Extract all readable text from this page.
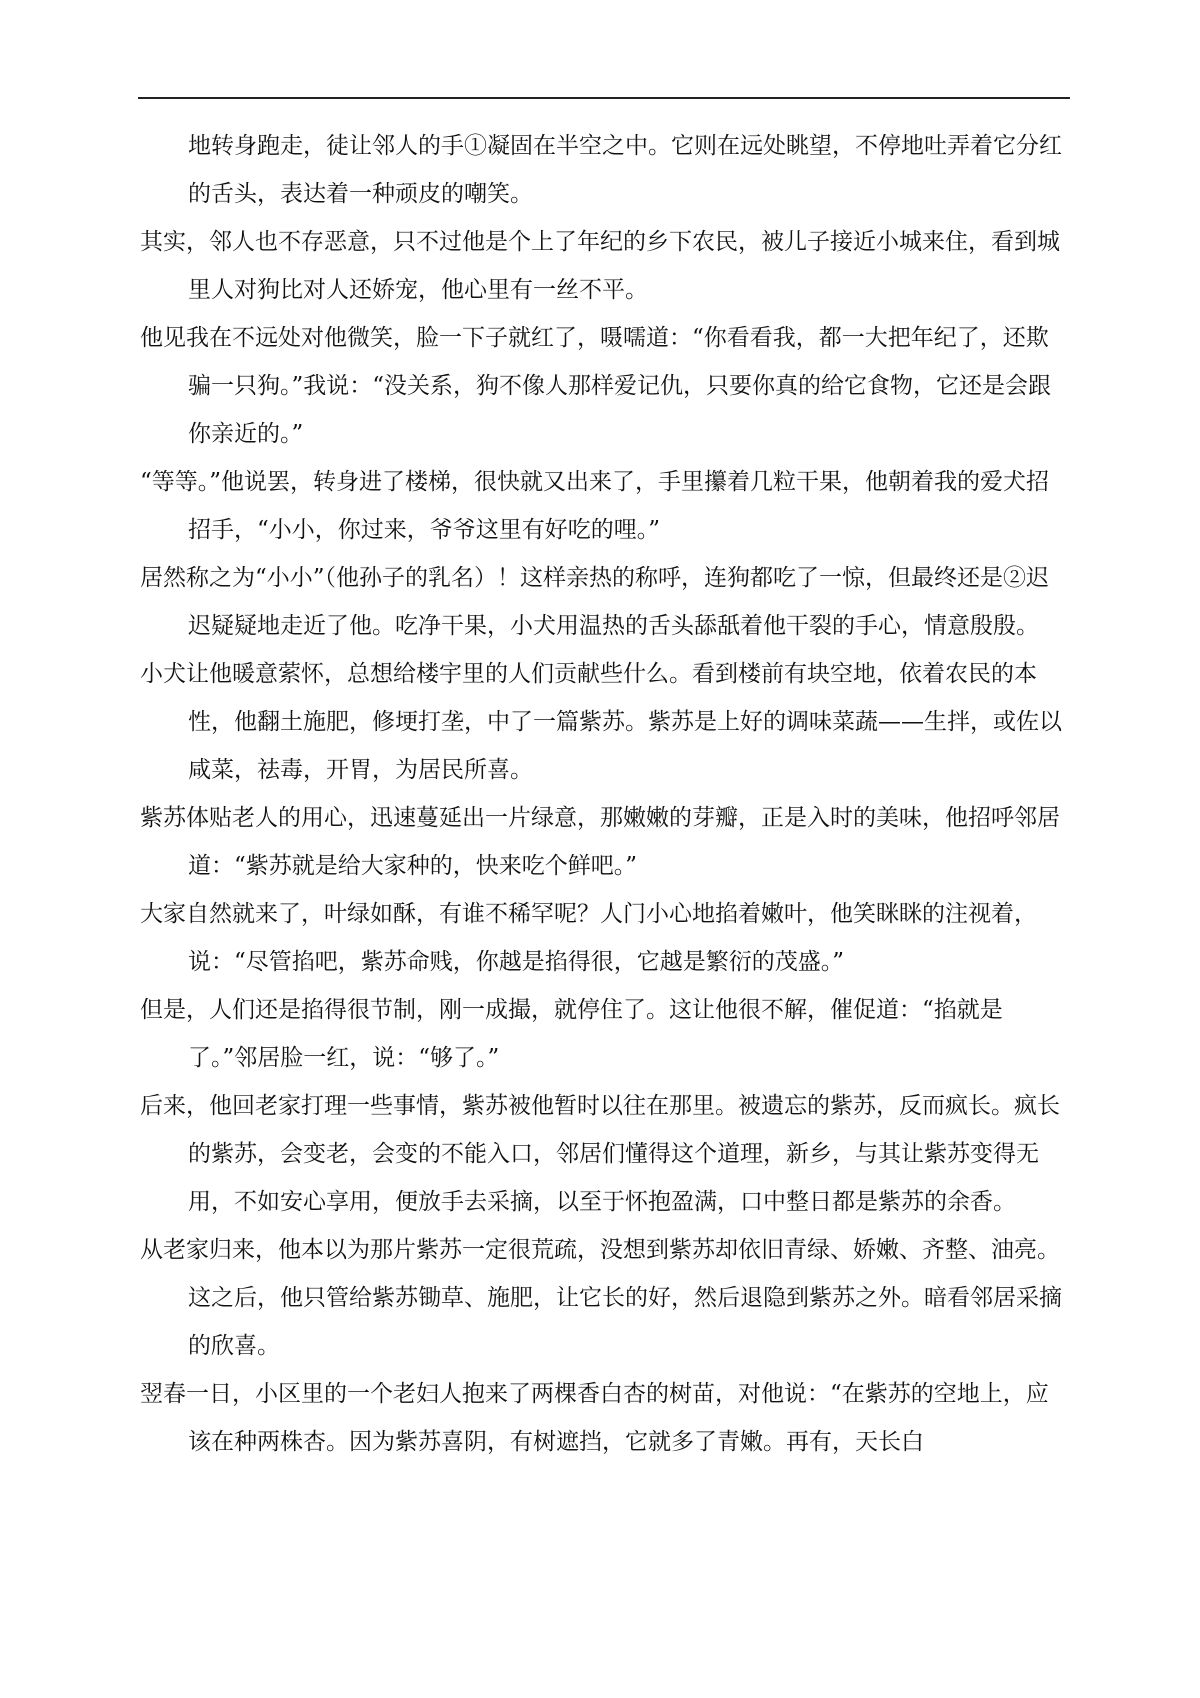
地转身跑走，徒让邻人的手①凝固在半空之中。它则在远处眺望，不停地吐弄着它分红的舌头，表达着一种顽皮的嘲笑。

其实，邻人也不存恶意，只不过他是个上了年纪的乡下农民，被儿子接近小城来住，看到城里人对狗比对人还娇宠，他心里有一丝不平。

他见我在不远处对他微笑，脸一下子就红了，嗫嚅道：“你看看我，都一大把年纪了，还欺骗一只狗。”我说：“没关系，狗不像人那样爱记仇，只要你真的给它食物，它还是会跟你亲近的。”

“等等。”他说罢，转身进了楼梯，很快就又出来了，手里攥着几粒干果，他朝着我的爱犬招招手，“小小，你过来，爷爷这里有好吃的哩。”

居然称之为“小小”（他孙子的乳名）！这样亲热的称呼，连狗都吃了一惊，但最终还是②迟迟疑疑地走近了他。吃净干果，小犬用温热的舌头舔舐着他干裂的手心，情意殷殷。

小犬让他暖意萦怀，总想给楼宇里的人们贡献些什么。看到楼前有块空地，依着农民的本性，他翻土施肥，修埂打垄，中了一篇紫苏。紫苏是上好的调味菜蔬——生拌，或佐以咸菜，祛毒，开胃，为居民所喜。

紫苏体贴老人的用心，迅速蔓延出一片绿意，那嫩嫩的芽瓣，正是入时的美味，他招呼邻居道：“紫苏就是给大家种的，快来吃个鲜吧。”

大家自然就来了，叶绿如酥，有谁不稀罕呢？人门小心地掐着嫩叶，他笑眯眯的注视着，说：“尽管掐吧，紫苏命贱，你越是掐得很，它越是繁衍的茂盛。”

但是，人们还是掐得很节制，刚一成撮，就停住了。这让他很不解，催促道：“掐就是了。”邻居脸一红，说：“够了。”

后来，他回老家打理一些事情，紫苏被他暂时以往在那里。被遗忘的紫苏，反而疯长。疯长的紫苏，会变老，会变的不能入口，邻居们懂得这个道理，新乡，与其让紫苏变得无用，不如安心享用，便放手去采摘，以至于怀抱盈满，口中整日都是紫苏的余香。

从老家归来，他本以为那片紫苏一定很荒疏，没想到紫苏却依旧青绿、娇嫩、齐整、油亮。这之后，他只管给紫苏锄草、施肥，让它长的好，然后退隐到紫苏之外。暗看邻居采摘的欣喜。

翌春一日，小区里的一个老妇人抱来了两棵香白杏的树苗，对他说：“在紫苏的空地上，应该在种两株杏。因为紫苏喜阴，有树遮挡，它就多了青嫩。再有，天长白
